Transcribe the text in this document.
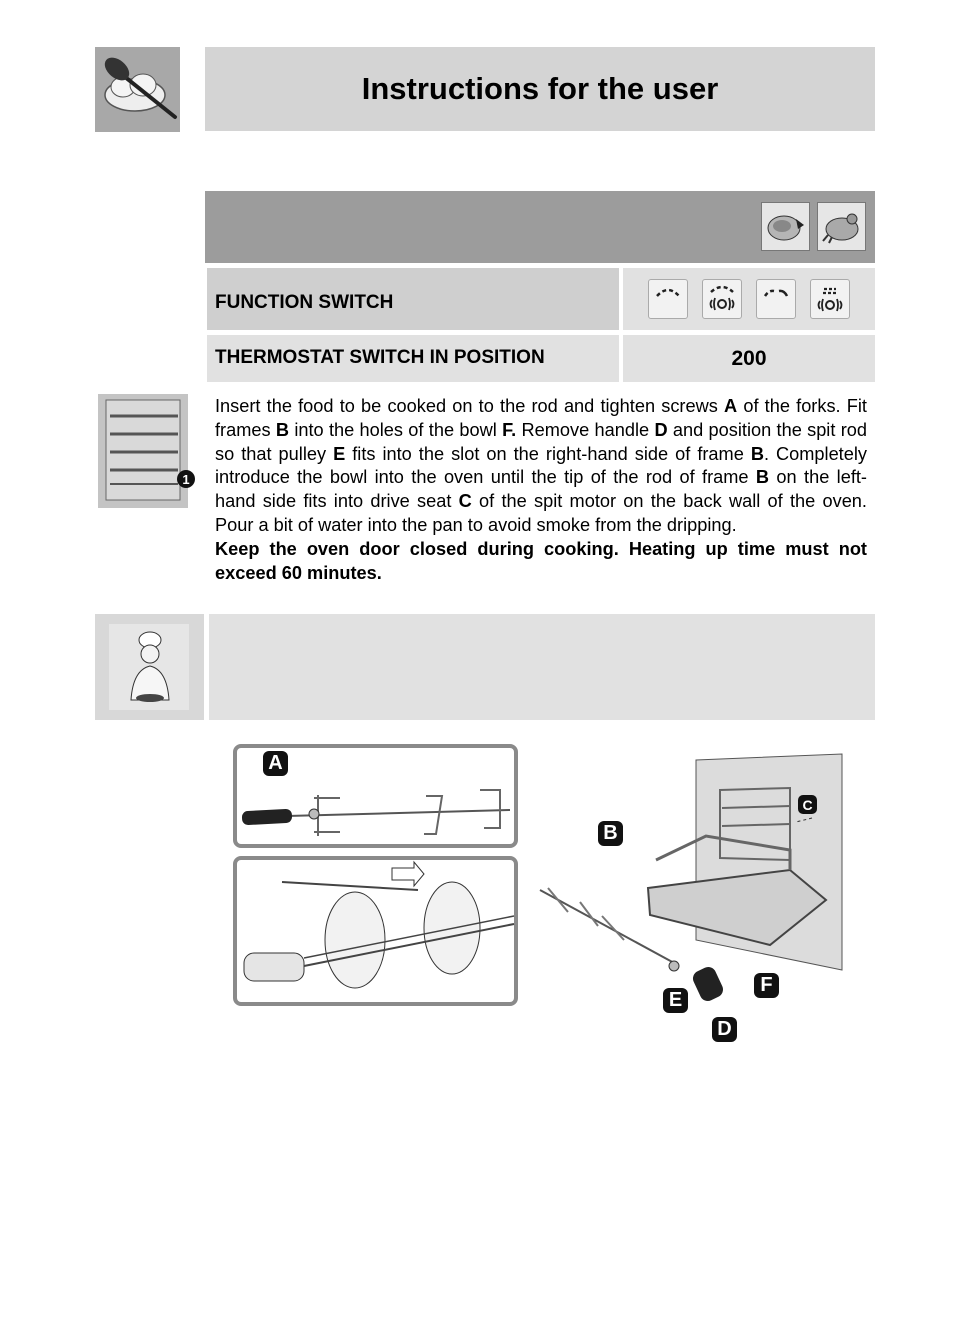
Instructions for the user
FUNCTION SWITCH
THERMOSTAT SWITCH IN POSITION	200
1

Insert the food to be cooked on to the rod and tighten screws A of the forks. Fit frames B into the holes of the bowl F. Remove handle D and position the spit rod so that pulley E fits into the slot on the right-hand side of frame B. Completely introduce the bowl into the oven until the tip of the rod of frame B on the left-hand side fits into drive seat C of the spit motor on the back wall of the oven. Pour a bit of water into the pan to avoid smoke from the dripping.

Keep the oven door closed during cooking. Heating up time must not exceed 60 minutes.

A
B
C
D
E
F
